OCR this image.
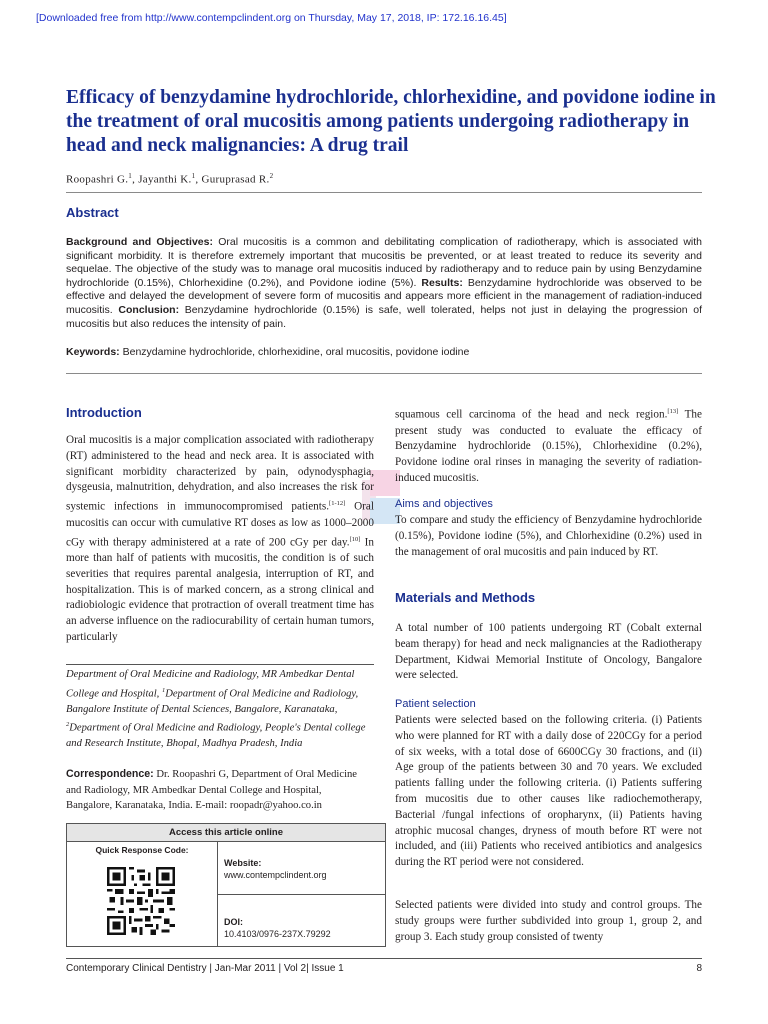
[Downloaded free from http://www.contempclindent.org on Thursday, May 17, 2018, IP: 172.16.16.45]
Efficacy of benzydamine hydrochloride, chlorhexidine, and povidone iodine in the treatment of oral mucositis among patients undergoing radiotherapy in head and neck malignancies: A drug trail
Roopashri G.$^1$, Jayanthi K.$^1$, Guruprasad R.$^2$
Abstract
Background and Objectives: Oral mucositis is a common and debilitating complication of radiotherapy, which is associated with significant morbidity. It is therefore extremely important that mucositis be prevented, or at least treated to reduce its severity and sequelae. The objective of the study was to manage oral mucositis induced by radiotherapy and to reduce pain by using Benzydamine hydrochloride (0.15%), Chlorhexidine (0.2%), and Povidone iodine (5%). Results: Benzydamine hydrochloride was observed to be effective and delayed the development of severe form of mucositis and appears more efficient in the management of radiation-induced mucositis. Conclusion: Benzydamine hydrochloride (0.15%) is safe, well tolerated, helps not just in delaying the progression of mucositis but also reduces the intensity of pain.
Keywords: Benzydamine hydrochloride, chlorhexidine, oral mucositis, povidone iodine
Introduction
Oral mucositis is a major complication associated with radiotherapy (RT) administered to the head and neck area. It is associated with significant morbidity characterized by pain, odynodysphagia, dysgeusia, malnutrition, dehydration, and also increases the risk for systemic infections in immunocompromised patients.[1-12] Oral mucositis can occur with cumulative RT doses as low as 1000–2000 cGy with therapy administered at a rate of 200 cGy per day.[10] In more than half of patients with mucositis, the condition is of such severities that requires parental analgesia, interruption of RT, and hospitalization. This is of marked concern, as a strong clinical and radiobiologic evidence that protraction of overall treatment time has an adverse influence on the radiocurability of certain human tumors, particularly
Department of Oral Medicine and Radiology, MR Ambedkar Dental College and Hospital, $^1$Department of Oral Medicine and Radiology, Bangalore Institute of Dental Sciences, Bangalore, Karanataka, $^2$Department of Oral Medicine and Radiology, People's Dental college and Research Institute, Bhopal, Madhya Pradesh, India
Correspondence: Dr. Roopashri G, Department of Oral Medicine and Radiology, MR Ambedkar Dental College and Hospital, Bangalore, Karanataka, India. E-mail: roopadr@yahoo.co.in
Access this article online
Quick Response Code:
Website:
www.contempclindent.org
DOI:
10.4103/0976-237X.79292
squamous cell carcinoma of the head and neck region.[13] The present study was conducted to evaluate the efficacy of Benzydamine hydrochloride (0.15%), Chlorhexidine (0.2%), Povidone iodine oral rinses in managing the severity of radiation-induced mucositis.
Aims and objectives
To compare and study the efficiency of Benzydamine hydrochloride (0.15%), Povidone iodine (5%), and Chlorhexidine (0.2%) used in the management of oral mucositis and pain induced by RT.
Materials and Methods
A total number of 100 patients undergoing RT (Cobalt external beam therapy) for head and neck malignancies at the Radiotherapy Department, Kidwai Memorial Institute of Oncology, Bangalore were selected.
Patient selection
Patients were selected based on the following criteria. (i) Patients who were planned for RT with a daily dose of 220CGy for a period of six weeks, with a total dose of 6600CGy 30 fractions, and (ii) Age group of the patients between 30 and 70 years. We excluded patients falling under the following criteria. (i) Patients suffering from mucositis due to other causes like radiochemotherapy, Bacterial /fungal infections of oropharynx, (ii) Patients having atrophic mucosal changes, dryness of mouth before RT were not included, and (iii) Patients who received antibiotics and analgesics during the RT period were not considered.
Selected patients were divided into study and control groups. The study groups were further subdivided into group 1, group 2, and group 3. Each study group consisted of twenty
Contemporary Clinical Dentistry | Jan-Mar 2011 | Vol 2| Issue 1	8
